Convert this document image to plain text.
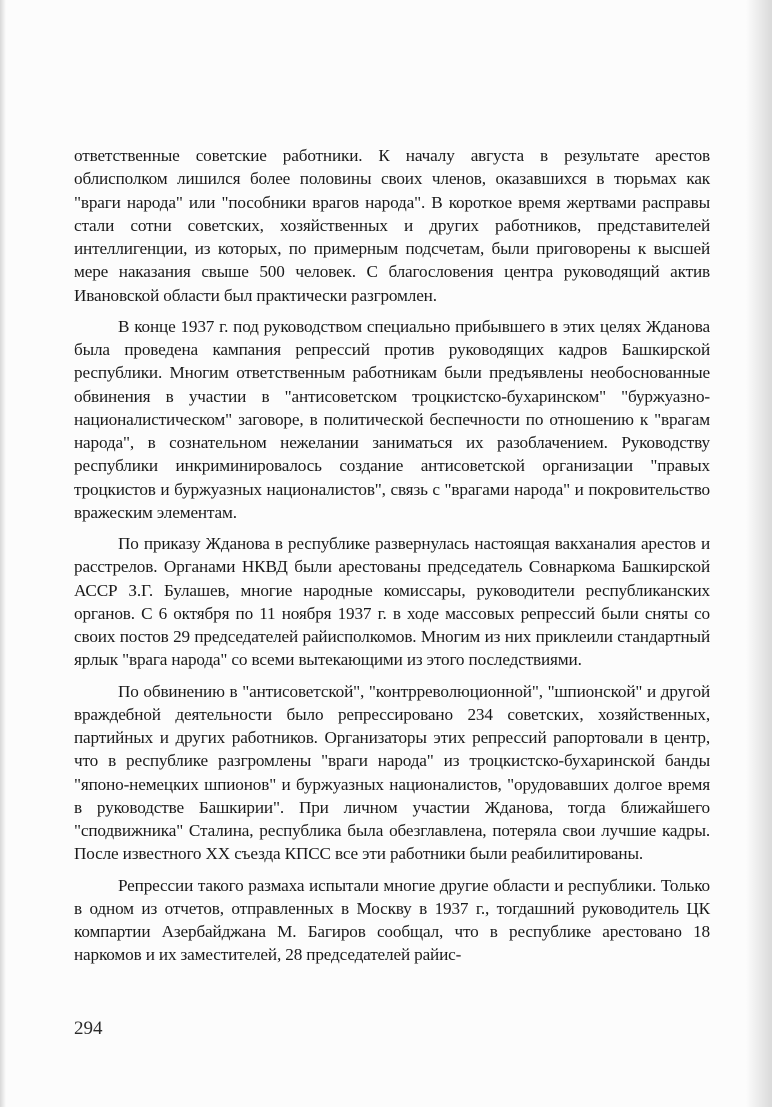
ответственные советские работники. К началу августа в результате арестов облисполком лишился более половины своих членов, оказавшихся в тюрьмах как "враги народа" или "пособники врагов народа". В короткое время жертвами расправы стали сотни советских, хозяйственных и других работников, представителей интеллигенции, из которых, по примерным подсчетам, были приговорены к высшей мере наказания свыше 500 человек. С благословения центра руководящий актив Ивановской области был практически разгромлен.

В конце 1937 г. под руководством специально прибывшего в этих целях Жданова была проведена кампания репрессий против руководящих кадров Башкирской республики. Многим ответственным работникам были предъявлены необоснованные обвинения в участии в "антисоветском троцкистско-бухаринском" "буржуазно-националистическом" заговоре, в политической беспечности по отношению к "врагам народа", в сознательном нежелании заниматься их разоблачением. Руководству республики инкриминировалось создание антисоветской организации "правых троцкистов и буржуазных националистов", связь с "врагами народа" и покровительство вражеским элементам.

По приказу Жданова в республике развернулась настоящая вакханалия арестов и расстрелов. Органами НКВД были арестованы председатель Совнаркома Башкирской АССР З.Г. Булашев, многие народные комиссары, руководители республиканских органов. С 6 октября по 11 ноября 1937 г. в ходе массовых репрессий были сняты со своих постов 29 председателей райисполкомов. Многим из них приклеили стандартный ярлык "врага народа" со всеми вытекающими из этого последствиями.

По обвинению в "антисоветской", "контрреволюционной", "шпионской" и другой враждебной деятельности было репрессировано 234 советских, хозяйственных, партийных и других работников. Организаторы этих репрессий рапортовали в центр, что в республике разгромлены "враги народа" из троцкистско-бухаринской банды "японо-немецких шпионов" и буржуазных националистов, "орудовавших долгое время в руководстве Башкирии". При личном участии Жданова, тогда ближайшего "сподвижника" Сталина, республика была обезглавлена, потеряла свои лучшие кадры. После известного XX съезда КПСС все эти работники были реабилитированы.

Репрессии такого размаха испытали многие другие области и республики. Только в одном из отчетов, отправленных в Москву в 1937 г., тогдашний руководитель ЦК компартии Азербайджана М. Багиров сообщал, что в республике арестовано 18 наркомов и их заместителей, 28 председателей райис-

294
